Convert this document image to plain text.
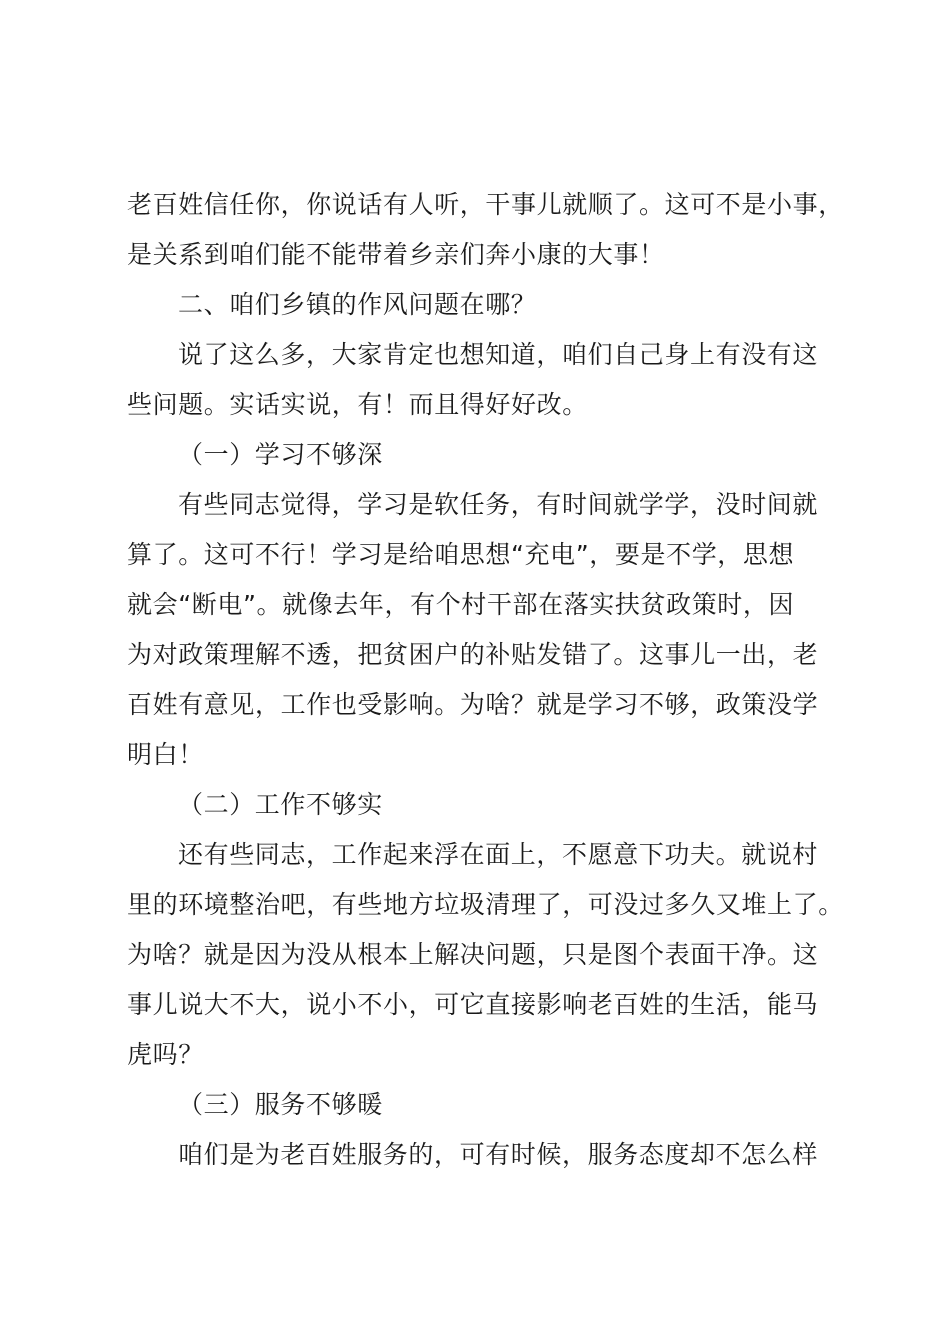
老百姓信任你，你说话有人听，干事儿就顺了。这可不是小事，
是关系到咱们能不能带着乡亲们奔小康的大事！
二、咱们乡镇的作风问题在哪？
说了这么多，大家肯定也想知道，咱们自己身上有没有这
些问题。实话实说，有！而且得好好改。
（一）学习不够深
有些同志觉得，学习是软任务，有时间就学学，没时间就
算了。这可不行！学习是给咱思想“充电”，要是不学，思想
就会“断电”。就像去年，有个村干部在落实扶贫政策时，因
为对政策理解不透，把贫困户的补贴发错了。这事儿一出，老
百姓有意见，工作也受影响。为啥？就是学习不够，政策没学
明白！
（二）工作不够实
还有些同志，工作起来浮在面上，不愿意下功夫。就说村
里的环境整治吧，有些地方垃圾清理了，可没过多久又堆上了。
为啥？就是因为没从根本上解决问题，只是图个表面干净。这
事儿说大不大，说小不小，可它直接影响老百姓的生活，能马
虎吗？
（三）服务不够暖
咱们是为老百姓服务的，可有时候，服务态度却不怎么样
